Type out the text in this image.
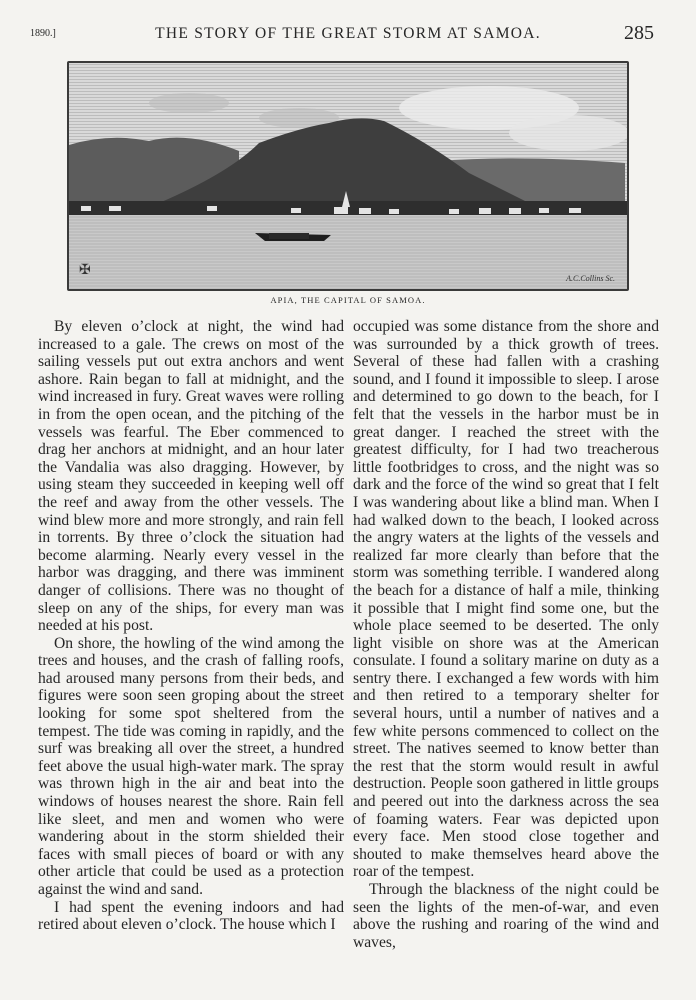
1890.]	THE STORY OF THE GREAT STORM AT SAMOA.	285
✠
A.C.Collins Sc.
APIA, THE CAPITAL OF SAMOA.

By eleven o’clock at night, the wind had increased to a gale. The crews on most of the sailing vessels put out extra anchors and went ashore. Rain began to fall at midnight, and the wind increased in fury. Great waves were rolling in from the open ocean, and the pitching of the vessels was fearful. The Eber commenced to drag her anchors at midnight, and an hour later the Vandalia was also dragging. However, by using steam they succeeded in keeping well off the reef and away from the other vessels. The wind blew more and more strongly, and rain fell in torrents. By three o’clock the situation had become alarming. Nearly every vessel in the harbor was dragging, and there was imminent danger of collisions. There was no thought of sleep on any of the ships, for every man was needed at his post.

On shore, the howling of the wind among the trees and houses, and the crash of falling roofs, had aroused many persons from their beds, and figures were soon seen groping about the street looking for some spot sheltered from the tempest. The tide was coming in rapidly, and the surf was breaking all over the street, a hundred feet above the usual high-water mark. The spray was thrown high in the air and beat into the windows of houses nearest the shore. Rain fell like sleet, and men and women who were wandering about in the storm shielded their faces with small pieces of board or with any other article that could be used as a protection against the wind and sand.

I had spent the evening indoors and had retired about eleven o’clock. The house which I

occupied was some distance from the shore and was surrounded by a thick growth of trees. Several of these had fallen with a crashing sound, and I found it impossible to sleep. I arose and determined to go down to the beach, for I felt that the vessels in the harbor must be in great danger. I reached the street with the greatest difficulty, for I had two treacherous little footbridges to cross, and the night was so dark and the force of the wind so great that I felt I was wandering about like a blind man. When I had walked down to the beach, I looked across the angry waters at the lights of the vessels and realized far more clearly than before that the storm was something terrible. I wandered along the beach for a distance of half a mile, thinking it possible that I might find some one, but the whole place seemed to be deserted. The only light visible on shore was at the American consulate. I found a solitary marine on duty as a sentry there. I exchanged a few words with him and then retired to a temporary shelter for several hours, until a number of natives and a few white persons commenced to collect on the street. The natives seemed to know better than the rest that the storm would result in awful destruction. People soon gathered in little groups and peered out into the darkness across the sea of foaming waters. Fear was depicted upon every face. Men stood close together and shouted to make themselves heard above the roar of the tempest.

Through the blackness of the night could be seen the lights of the men-of-war, and even above the rushing and roaring of the wind and waves,
